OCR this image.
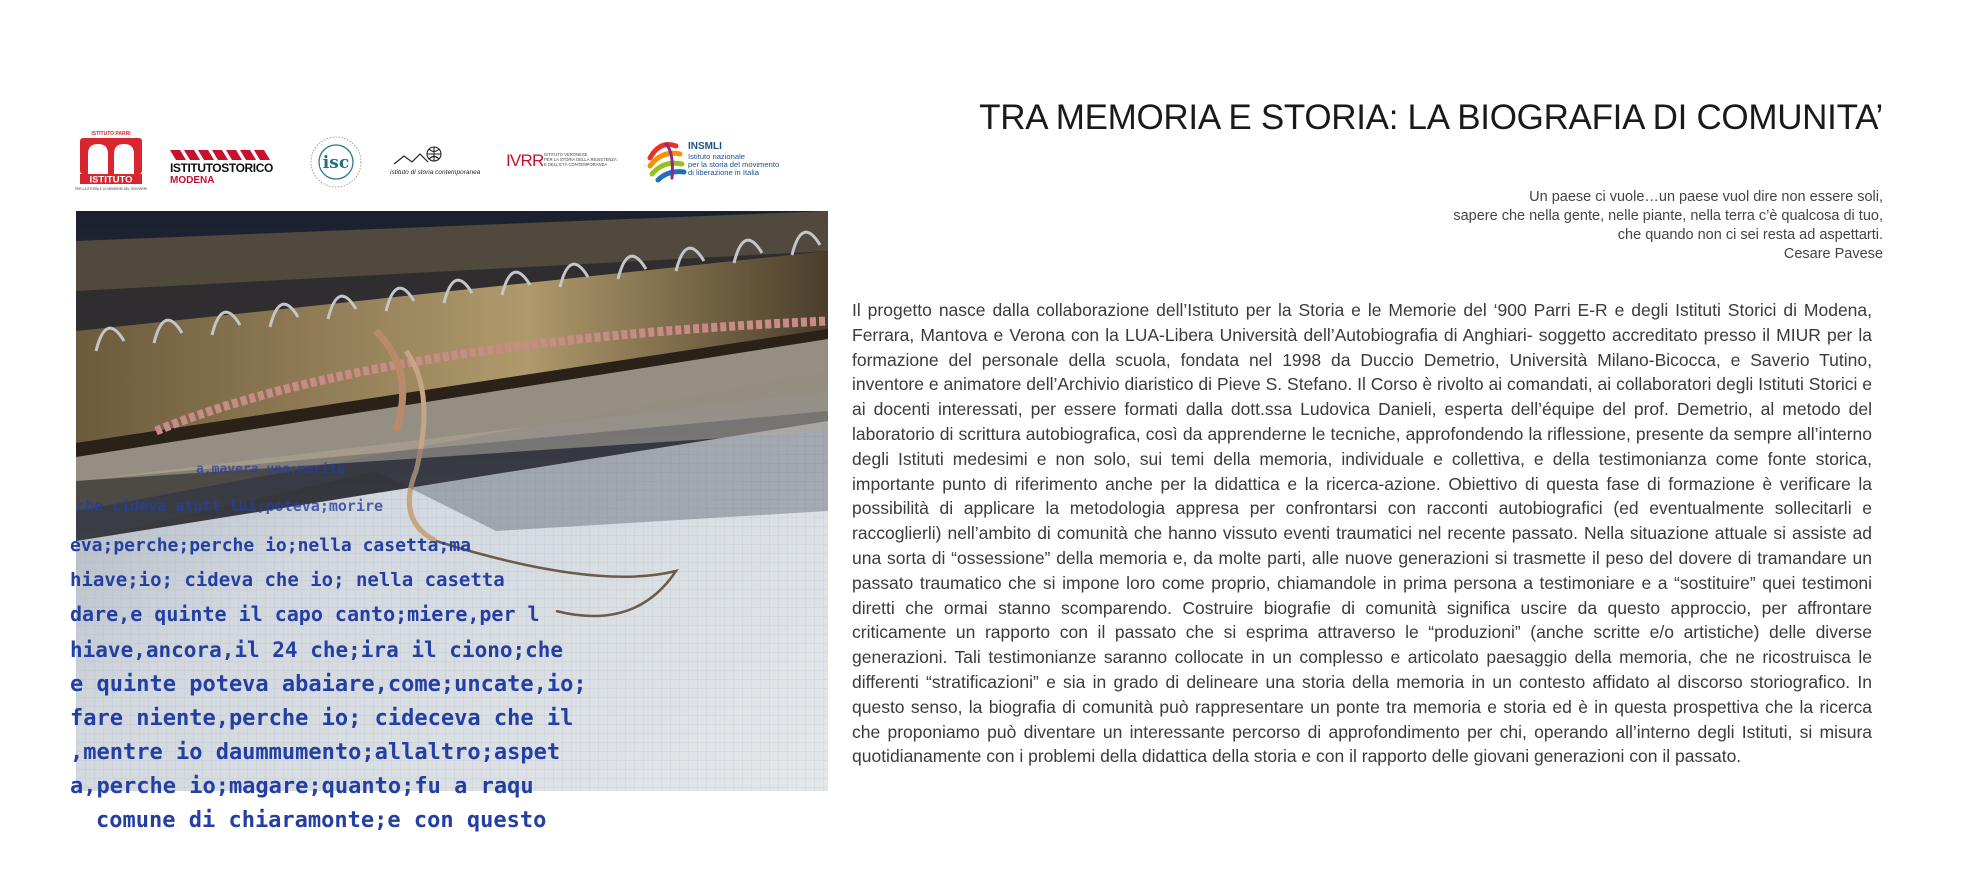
ISTITUTO PARRI
ISTITUTO
PER LA STORIA E LE MEMORIE DEL '900 PARRI
ISTITUTOSTORICO
MODENA
isc	istituto di storia contemporanea
IVRR ISTITUTO VERONESE
PER LA STORIA DELLA RESISTENZA
E DELL'ETÀ CONTEMPORANEA
INSMLI
Istituto nazionale
per la storia del movimento
di liberazione in Italia
a,mavera una;marita
che cideva atutt lui;poteva;morire
eva;perche;perche io;nella casetta;ma
hiave;io; cideva che io; nella casetta
dare,e quinte il capo canto;miere,per l
hiave,ancora,il 24 che;ira il ciono;che
e quinte poteva abaiare,come;uncate,io;
fare niente,perche io; cideceva che il
,mentre io daummumento;allaltro;aspet
a,perche io;magare;quanto;fu a raqu
comune di chiaramonte;e con questo
TRA MEMORIA E STORIA: LA BIOGRAFIA DI COMUNITA’
Un paese ci vuole…un paese vuol dire non essere soli,
sapere che nella gente, nelle piante, nella terra c’è qualcosa di tuo,
che quando non ci sei resta ad aspettarti.
Cesare Pavese

Il progetto nasce dalla collaborazione dell’Istituto per la Storia e le Memorie del ‘900 Parri E-R e degli Istituti Storici di Modena, Ferrara, Mantova e Verona con la LUA-Libera Università dell’Autobiografia di Anghiari- soggetto accreditato presso il MIUR per la formazione del personale della scuola, fondata nel 1998 da Duccio Demetrio, Università Milano-Bicocca, e Saverio Tutino, inventore e animatore dell’Archivio diaristico di Pieve S. Stefano. Il Corso è rivolto ai comandati, ai collaboratori degli Istituti Storici e ai docenti interessati, per essere formati dalla dott.ssa Ludovica Danieli, esperta dell’équipe del prof. Demetrio, al metodo del laboratorio di scrittura autobiografica, così da apprenderne le tecniche, approfondendo la riflessione, presente da sempre all’interno degli Istituti medesimi e non solo, sui temi della memoria, individuale e collettiva, e della testimonianza come fonte storica, importante punto di riferimento anche per la didattica e la ricerca-azione. Obiettivo di questa fase di formazione è verificare la possibilità di applicare la metodologia appresa per confrontarsi con racconti autobiografici (ed eventualmente sollecitarli e raccoglierli) nell’ambito di comunità che hanno vissuto eventi traumatici nel recente passato. Nella situazione attuale si assiste ad una sorta di “ossessione” della memoria e, da molte parti, alle nuove generazioni si trasmette il peso del dovere di tramandare un passato traumatico che si impone loro come proprio, chiamandole in prima persona a testimoniare e a “sostituire” quei testimoni diretti che ormai stanno scomparendo. Costruire biografie di comunità significa uscire da questo approccio, per affrontare criticamente un rapporto con il passato che si esprima attraverso le “produzioni” (anche scritte e/o artistiche) delle diverse generazioni. Tali testimonianze saranno collocate in un complesso e articolato paesaggio della memoria, che ne ricostruisca le differenti “stratificazioni” e sia in grado di delineare una storia della memoria in un contesto affidato al discorso storiografico. In questo senso, la biografia di comunità può rappresentare un ponte tra memoria e storia ed è in questa prospettiva che la ricerca che proponiamo può diventare un interessante percorso di approfondimento per chi, operando all’interno degli Istituti, si misura quotidianamente con i problemi della didattica della storia e con il rapporto delle giovani generazioni con il passato.
